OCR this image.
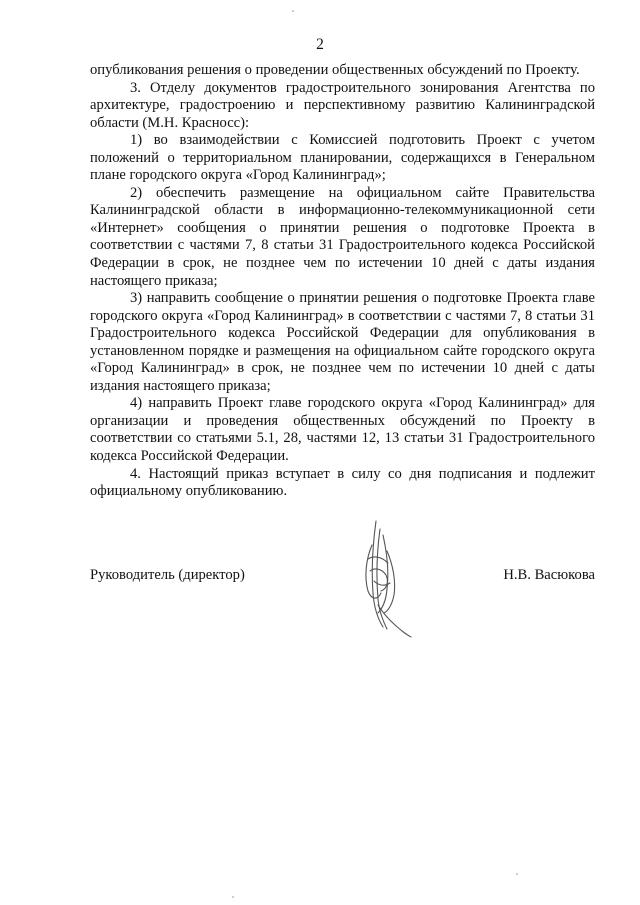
2

опубликования решения о проведении общественных обсуждений по Проекту.

3. Отделу документов градостроительного зонирования Агентства по архитектуре, градостроению и перспективному развитию Калининградской области (М.Н. Красносс):

1) во взаимодействии с Комиссией подготовить Проект с учетом положений о территориальном планировании, содержащихся в Генеральном плане городского округа «Город Калининград»;

2) обеспечить размещение на официальном сайте Правительства Калининградской области в информационно-телекоммуникационной сети «Интернет» сообщения о принятии решения о подготовке Проекта в соответствии с частями 7, 8 статьи 31 Градостроительного кодекса Российской Федерации в срок, не позднее чем по истечении 10 дней с даты издания настоящего приказа;

3) направить сообщение о принятии решения о подготовке Проекта главе городского округа «Город Калининград» в соответствии с частями 7, 8 статьи 31 Градостроительного кодекса Российской Федерации для опубликования в установленном порядке и размещения на официальном сайте городского округа «Город Калининград» в срок, не позднее чем по истечении 10 дней с даты издания настоящего приказа;

4) направить Проект главе городского округа «Город Калининград» для организации и проведения общественных обсуждений по Проекту в соответствии со статьями 5.1, 28, частями 12, 13 статьи 31 Градостроительного кодекса Российской Федерации.

4. Настоящий приказ вступает в силу со дня подписания и подлежит официальному опубликованию.

Руководитель (директор)	Н.В. Васюкова
